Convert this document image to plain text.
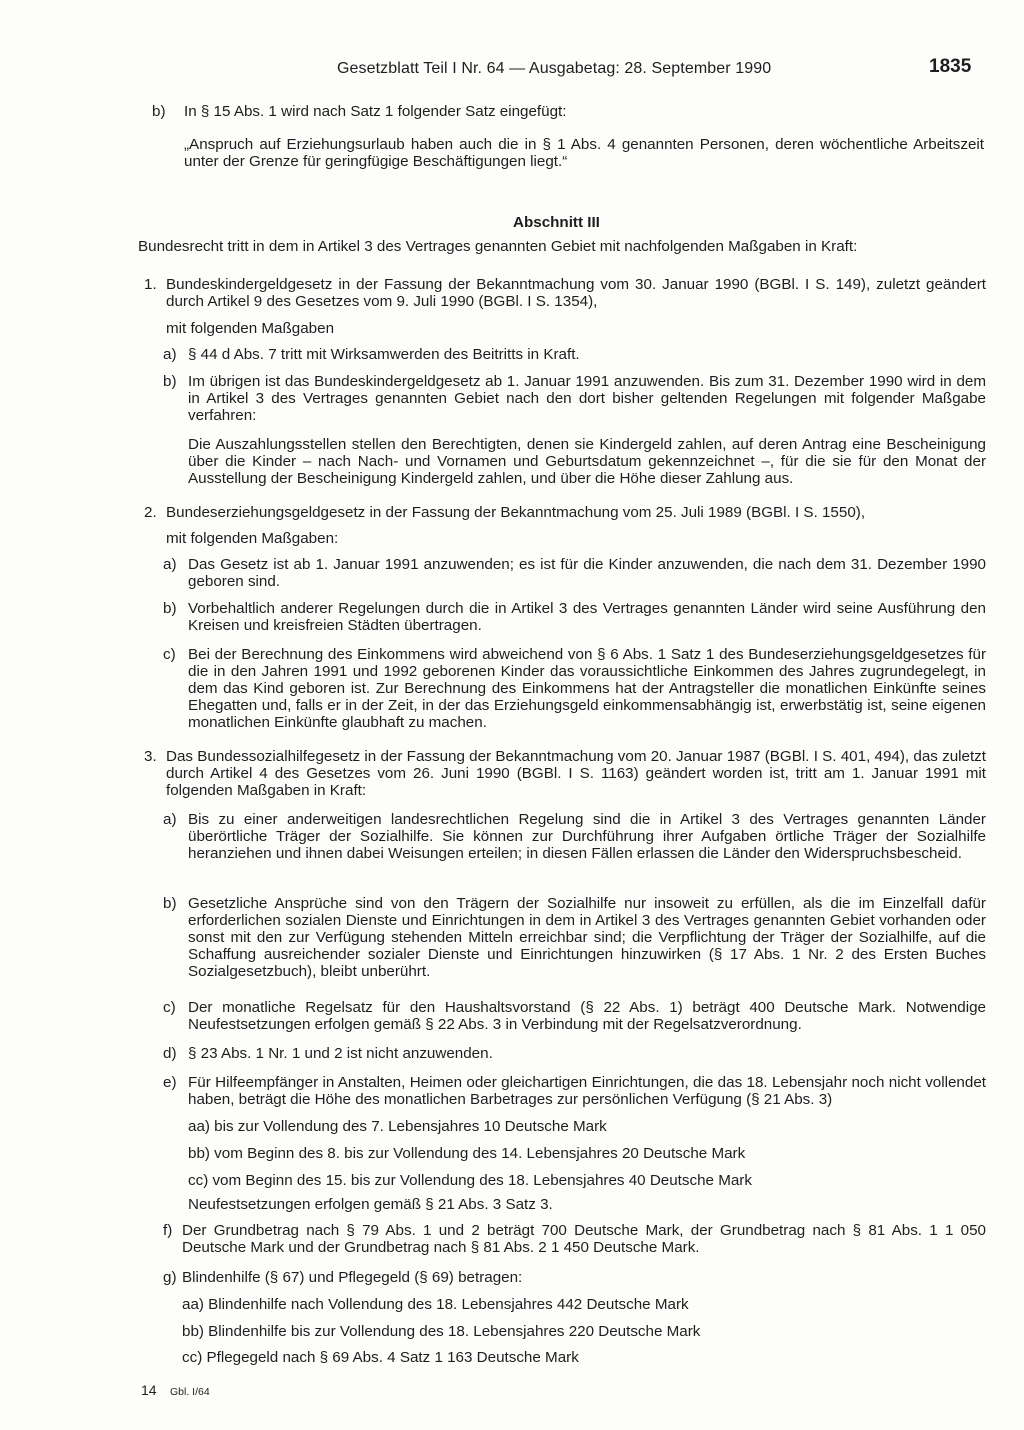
Gesetzblatt Teil I Nr. 64 — Ausgabetag: 28. September 1990	1835
b) In § 15 Abs. 1 wird nach Satz 1 folgender Satz eingefügt:
„Anspruch auf Erziehungsurlaub haben auch die in § 1 Abs. 4 genannten Personen, deren wöchentliche Arbeitszeit unter der Grenze für geringfügige Beschäftigungen liegt.“
Abschnitt III
Bundesrecht tritt in dem in Artikel 3 des Vertrages genannten Gebiet mit nachfolgenden Maßgaben in Kraft:
1. Bundeskindergeldgesetz in der Fassung der Bekanntmachung vom 30. Januar 1990 (BGBl. I S. 149), zuletzt geändert durch Artikel 9 des Gesetzes vom 9. Juli 1990 (BGBl. I S. 1354),
mit folgenden Maßgaben
a) § 44 d Abs. 7 tritt mit Wirksamwerden des Beitritts in Kraft.
b) Im übrigen ist das Bundeskindergeldgesetz ab 1. Januar 1991 anzuwenden. Bis zum 31. Dezember 1990 wird in dem in Artikel 3 des Vertrages genannten Gebiet nach den dort bisher geltenden Regelungen mit folgender Maßgabe verfahren:
Die Auszahlungsstellen stellen den Berechtigten, denen sie Kindergeld zahlen, auf deren Antrag eine Bescheinigung über die Kinder – nach Nach- und Vornamen und Geburtsdatum gekennzeichnet –, für die sie für den Monat der Ausstellung der Bescheinigung Kindergeld zahlen, und über die Höhe dieser Zahlung aus.
2. Bundeserziehungsgeldgesetz in der Fassung der Bekanntmachung vom 25. Juli 1989 (BGBl. I S. 1550),
mit folgenden Maßgaben:
a) Das Gesetz ist ab 1. Januar 1991 anzuwenden; es ist für die Kinder anzuwenden, die nach dem 31. Dezember 1990 geboren sind.
b) Vorbehaltlich anderer Regelungen durch die in Artikel 3 des Vertrages genannten Länder wird seine Ausführung den Kreisen und kreisfreien Städten übertragen.
c) Bei der Berechnung des Einkommens wird abweichend von § 6 Abs. 1 Satz 1 des Bundeserziehungsgeldgesetzes für die in den Jahren 1991 und 1992 geborenen Kinder das voraussichtliche Einkommen des Jahres zugrundegelegt, in dem das Kind geboren ist. Zur Berechnung des Einkommens hat der Antragsteller die monatlichen Einkünfte seines Ehegatten und, falls er in der Zeit, in der das Erziehungsgeld einkommensabhängig ist, erwerbstätig ist, seine eigenen monatlichen Einkünfte glaubhaft zu machen.
3. Das Bundessozialhilfegesetz in der Fassung der Bekanntmachung vom 20. Januar 1987 (BGBl. I S. 401, 494), das zuletzt durch Artikel 4 des Gesetzes vom 26. Juni 1990 (BGBl. I S. 1163) geändert worden ist, tritt am 1. Januar 1991 mit folgenden Maßgaben in Kraft:
a) Bis zu einer anderweitigen landesrechtlichen Regelung sind die in Artikel 3 des Vertrages genannten Länder überörtliche Träger der Sozialhilfe. Sie können zur Durchführung ihrer Aufgaben örtliche Träger der Sozialhilfe heranziehen und ihnen dabei Weisungen erteilen; in diesen Fällen erlassen die Länder den Widerspruchsbescheid.
b) Gesetzliche Ansprüche sind von den Trägern der Sozialhilfe nur insoweit zu erfüllen, als die im Einzelfall dafür erforderlichen sozialen Dienste und Einrichtungen in dem in Artikel 3 des Vertrages genannten Gebiet vorhanden oder sonst mit den zur Verfügung stehenden Mitteln erreichbar sind; die Verpflichtung der Träger der Sozialhilfe, auf die Schaffung ausreichender sozialer Dienste und Einrichtungen hinzuwirken (§ 17 Abs. 1 Nr. 2 des Ersten Buches Sozialgesetzbuch), bleibt unberührt.
c) Der monatliche Regelsatz für den Haushaltsvorstand (§ 22 Abs. 1) beträgt 400 Deutsche Mark. Notwendige Neufestsetzungen erfolgen gemäß § 22 Abs. 3 in Verbindung mit der Regelsatzverordnung.
d) § 23 Abs. 1 Nr. 1 und 2 ist nicht anzuwenden.
e) Für Hilfeempfänger in Anstalten, Heimen oder gleichartigen Einrichtungen, die das 18. Lebensjahr noch nicht vollendet haben, beträgt die Höhe des monatlichen Barbetrages zur persönlichen Verfügung (§ 21 Abs. 3)
aa) bis zur Vollendung des 7. Lebensjahres 10 Deutsche Mark
bb) vom Beginn des 8. bis zur Vollendung des 14. Lebensjahres 20 Deutsche Mark
cc) vom Beginn des 15. bis zur Vollendung des 18. Lebensjahres 40 Deutsche Mark
Neufestsetzungen erfolgen gemäß § 21 Abs. 3 Satz 3.
f) Der Grundbetrag nach § 79 Abs. 1 und 2 beträgt 700 Deutsche Mark, der Grundbetrag nach § 81 Abs. 1 1 050 Deutsche Mark und der Grundbetrag nach § 81 Abs. 2 1 450 Deutsche Mark.
g) Blindenhilfe (§ 67) und Pflegegeld (§ 69) betragen:
aa) Blindenhilfe nach Vollendung des 18. Lebensjahres 442 Deutsche Mark
bb) Blindenhilfe bis zur Vollendung des 18. Lebensjahres 220 Deutsche Mark
cc) Pflegegeld nach § 69 Abs. 4 Satz 1 163 Deutsche Mark
14 Gbl. I/64
